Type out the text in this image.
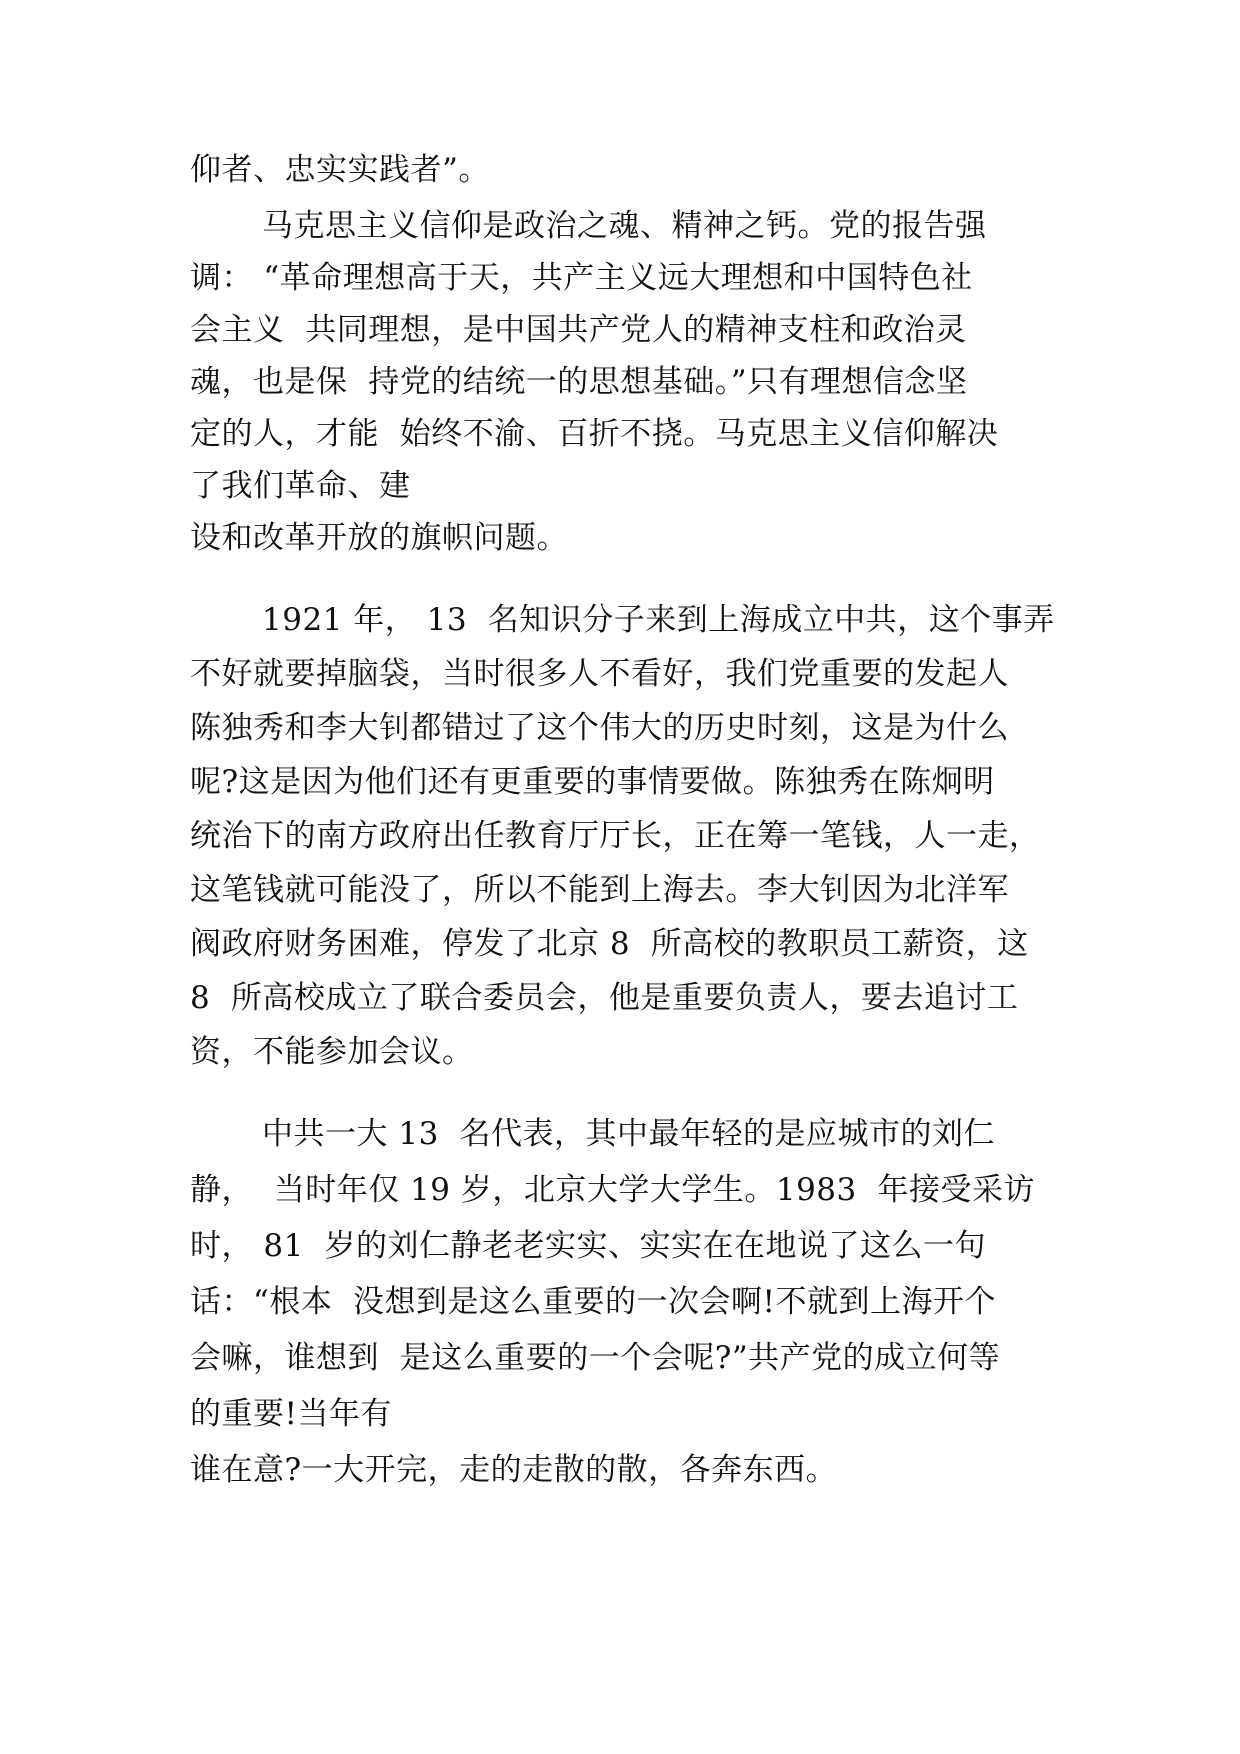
仰者、忠实实践者”。
马克思主义信仰是政治之魂、精神之钙。党的报告强
调： “革命理想高于天，共产主义远大理想和中国特色社
会主义  共同理想，是中国共产党人的精神支柱和政治灵
魂，也是保  持党的结统一的思想基础。”只有理想信念坚
定的人，才能  始终不渝、百折不挠。马克思主义信仰解决
了我们革命、建
设和改革开放的旗帜问题。
1921 年， 13  名知识分子来到上海成立中共，这个事弄
不好就要掉脑袋，当时很多人不看好，我们党重要的发起人
陈独秀和李大钊都错过了这个伟大的历史时刻，这是为什么
呢?这是因为他们还有更重要的事情要做。陈独秀在陈炯明
统治下的南方政府出任教育厅厅长，正在筹一笔钱，人一走，
这笔钱就可能没了，所以不能到上海去。李大钊因为北洋军
阀政府财务困难，停发了北京 8  所高校的教职员工薪资，这
8  所高校成立了联合委员会，他是重要负责人，要去追讨工
资，不能参加会议。
中共一大 13  名代表，其中最年轻的是应城市的刘仁
静，  当时年仅 19 岁，北京大学大学生。1983  年接受采访
时， 81  岁的刘仁静老老实实、实实在在地说了这么一句
话：“根本  没想到是这么重要的一次会啊!不就到上海开个
会嘛，谁想到  是这么重要的一个会呢?”共产党的成立何等
的重要!当年有
谁在意?一大开完，走的走散的散，各奔东西。
